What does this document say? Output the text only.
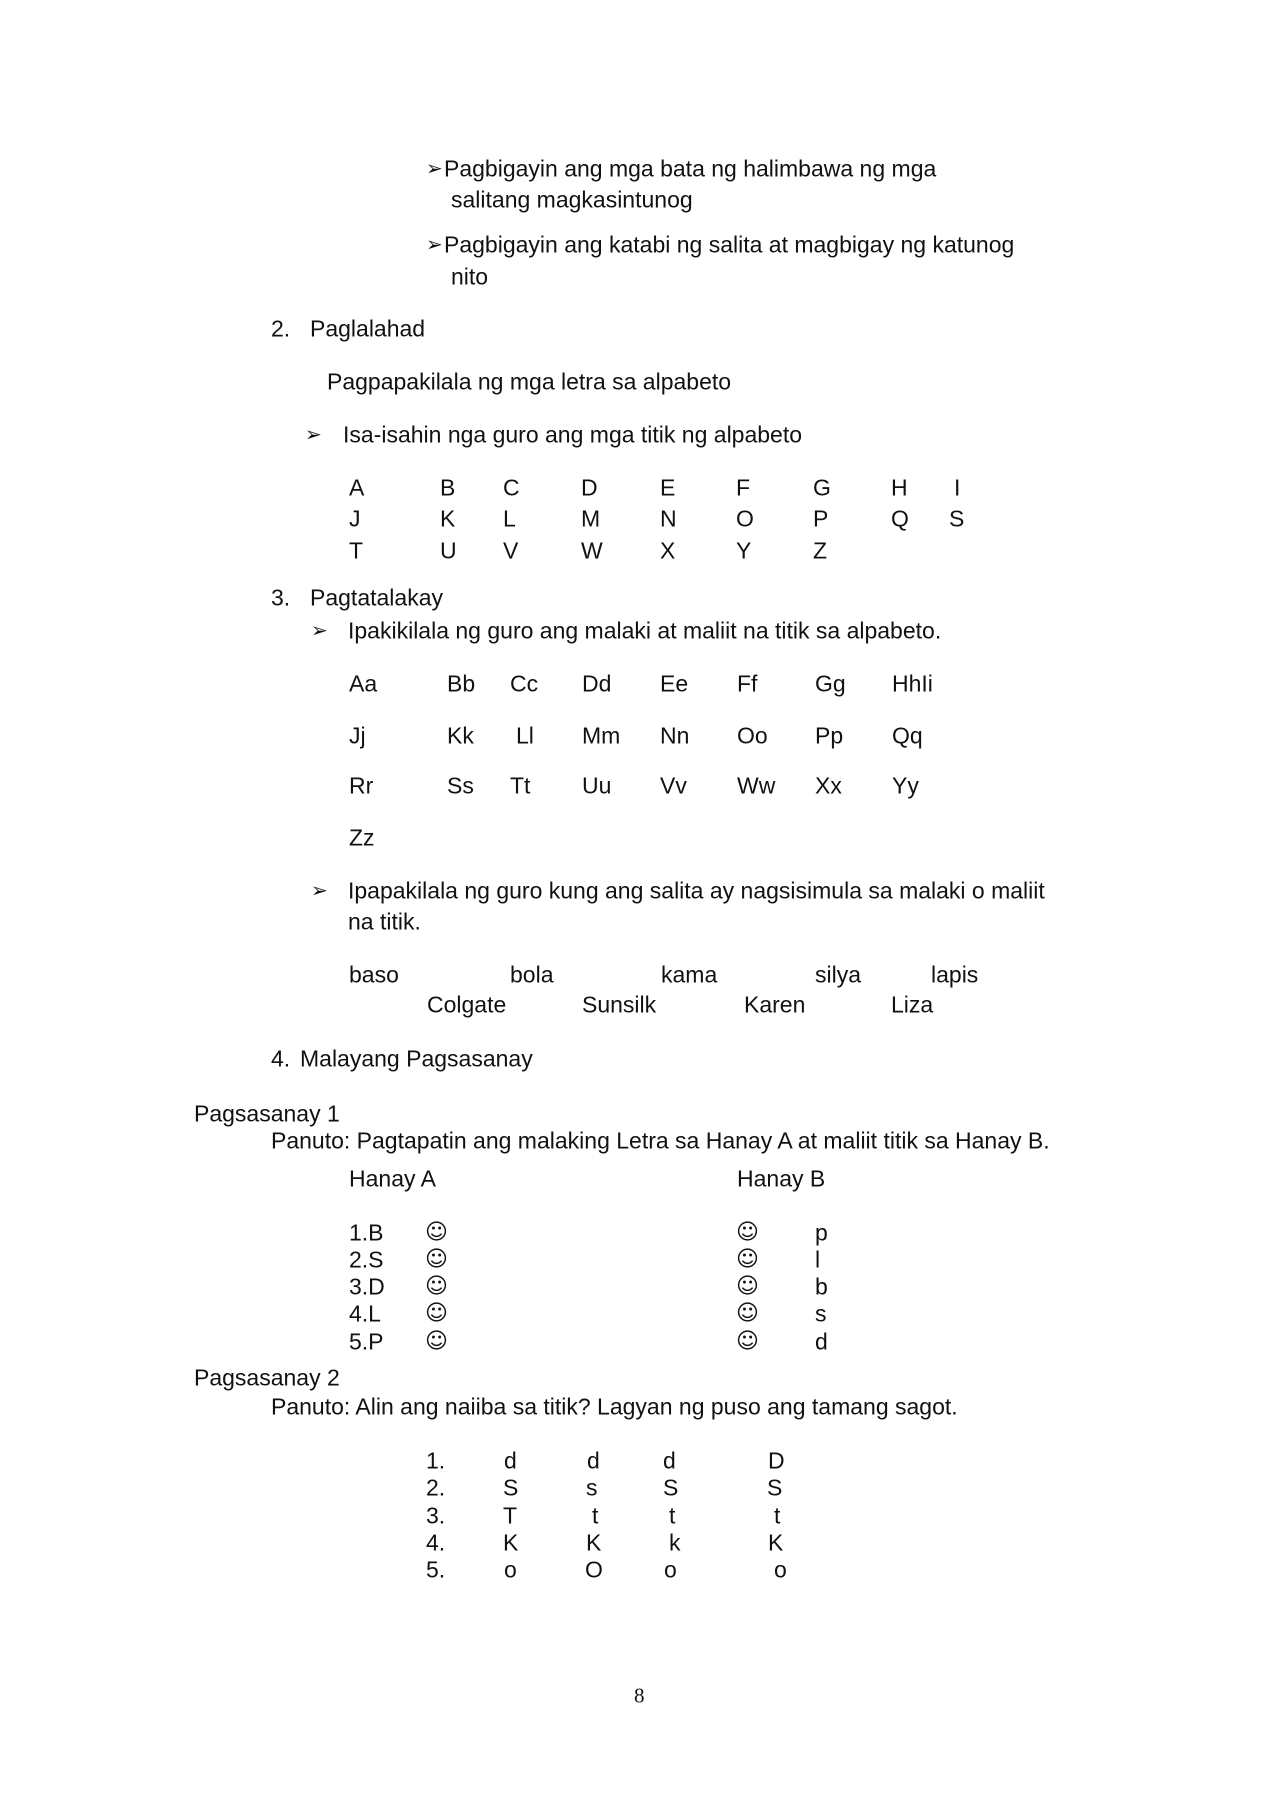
➢ Pagbigayin ang mga bata ng halimbawa ng mga
salitang magkasintunog
➢ Pagbigayin ang katabi ng salita at magbigay ng katunog
nito
2. Paglalahad
Pagpapakilala ng mga letra sa alpabeto
➢ Isa-isahin nga guro ang mga titik ng alpabeto
A	B C	D	E	F	G	H I
J	K L	M	N	O	P	Q S
T	U V	W X	Y	Z
3. Pagtatalakay
➢ Ipakikilala ng guro ang malaki at maliit na titik sa alpabeto.
Aa	Bb Cc Dd Ee Ff	Gg HhIi
Jj	Kk Ll Mm Nn Oo Pp Qq
Rr	Ss Tt Uu Vv Ww Xx Yy
Zz
➢ Ipapakilala ng guro kung ang salita ay nagsisimula sa malaki o maliit
na titik.
baso	bola	kama	silya	lapis
Colgate	Sunsilk	Karen	Liza
4. Malayang Pagsasanay
Pagsasanay 1
Panuto: Pagtapatin ang malaking Letra sa Hanay A at maliit titik sa Hanay B.
Hanay A	Hanay B
1.B ☺	☺ p
2.S ☺	☺ l
3.D ☺	☺ b
4.L ☺	☺ s
5.P ☺	☺ d
Pagsasanay 2
Panuto: Alin ang naiiba sa titik? Lagyan ng puso ang tamang sagot.
1.	d	d	d	D
2.	S	s	S	S
3.	T	t	t	t
4.	K	K	k	K
5.	o	O	o	o
8
